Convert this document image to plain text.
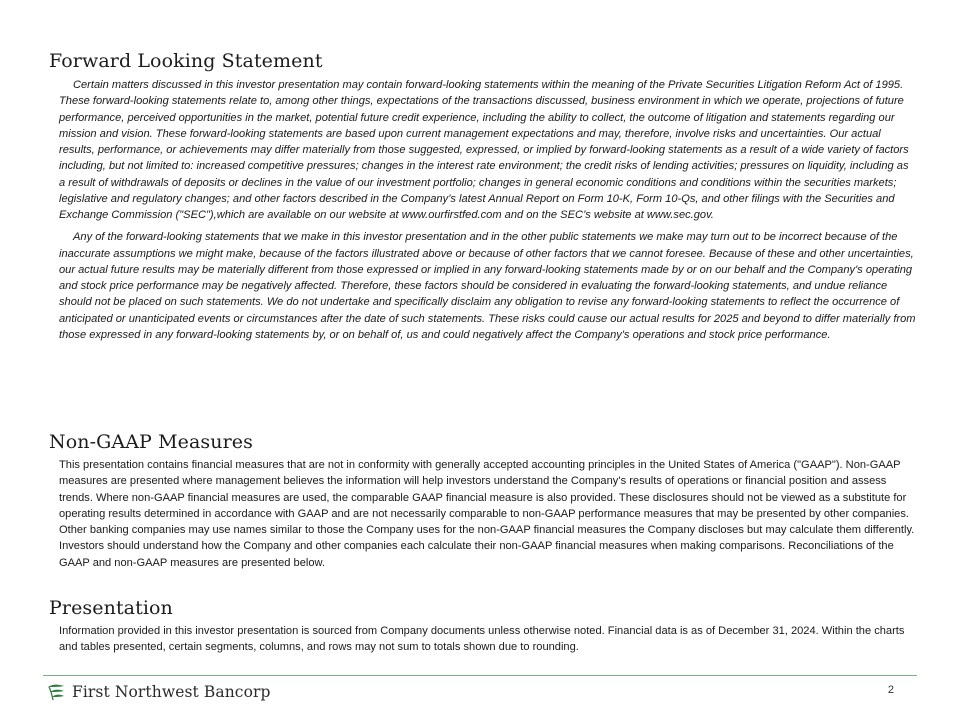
Forward Looking Statement

Certain matters discussed in this investor presentation may contain forward-looking statements within the meaning of the Private Securities Litigation Reform Act of 1995. These forward-looking statements relate to, among other things, expectations of the transactions discussed, business environment in which we operate, projections of future performance, perceived opportunities in the market, potential future credit experience, including the ability to collect, the outcome of litigation and statements regarding our mission and vision. These forward-looking statements are based upon current management expectations and may, therefore, involve risks and uncertainties. Our actual results, performance, or achievements may differ materially from those suggested, expressed, or implied by forward-looking statements as a result of a wide variety of factors including, but not limited to: increased competitive pressures; changes in the interest rate environment; the credit risks of lending activities; pressures on liquidity, including as a result of withdrawals of deposits or declines in the value of our investment portfolio; changes in general economic conditions and conditions within the securities markets; legislative and regulatory changes; and other factors described in the Company’s latest Annual Report on Form 10-K, Form 10-Qs, and other filings with the Securities and Exchange Commission ("SEC"),which are available on our website at www.ourfirstfed.com and on the SEC’s website at www.sec.gov.

Any of the forward-looking statements that we make in this investor presentation and in the other public statements we make may turn out to be incorrect because of the inaccurate assumptions we might make, because of the factors illustrated above or because of other factors that we cannot foresee. Because of these and other uncertainties, our actual future results may be materially different from those expressed or implied in any forward-looking statements made by or on our behalf and the Company's operating and stock price performance may be negatively affected. Therefore, these factors should be considered in evaluating the forward-looking statements, and undue reliance should not be placed on such statements. We do not undertake and specifically disclaim any obligation to revise any forward-looking statements to reflect the occurrence of anticipated or unanticipated events or circumstances after the date of such statements. These risks could cause our actual results for 2025 and beyond to differ materially from those expressed in any forward-looking statements by, or on behalf of, us and could negatively affect the Company's operations and stock price performance.

Non-GAAP Measures

This presentation contains financial measures that are not in conformity with generally accepted accounting principles in the United States of America ("GAAP"). Non-GAAP measures are presented where management believes the information will help investors understand the Company’s results of operations or financial position and assess trends. Where non-GAAP financial measures are used, the comparable GAAP financial measure is also provided. These disclosures should not be viewed as a substitute for operating results determined in accordance with GAAP and are not necessarily comparable to non-GAAP performance measures that may be presented by other companies. Other banking companies may use names similar to those the Company uses for the non-GAAP financial measures the Company discloses but may calculate them differently. Investors should understand how the Company and other companies each calculate their non-GAAP financial measures when making comparisons. Reconciliations of the GAAP and non-GAAP measures are presented below.

Presentation

Information provided in this investor presentation is sourced from Company documents unless otherwise noted. Financial data is as of December 31, 2024. Within the charts and tables presented, certain segments, columns, and rows may not sum to totals shown due to rounding.

First Northwest Bancorp	2
